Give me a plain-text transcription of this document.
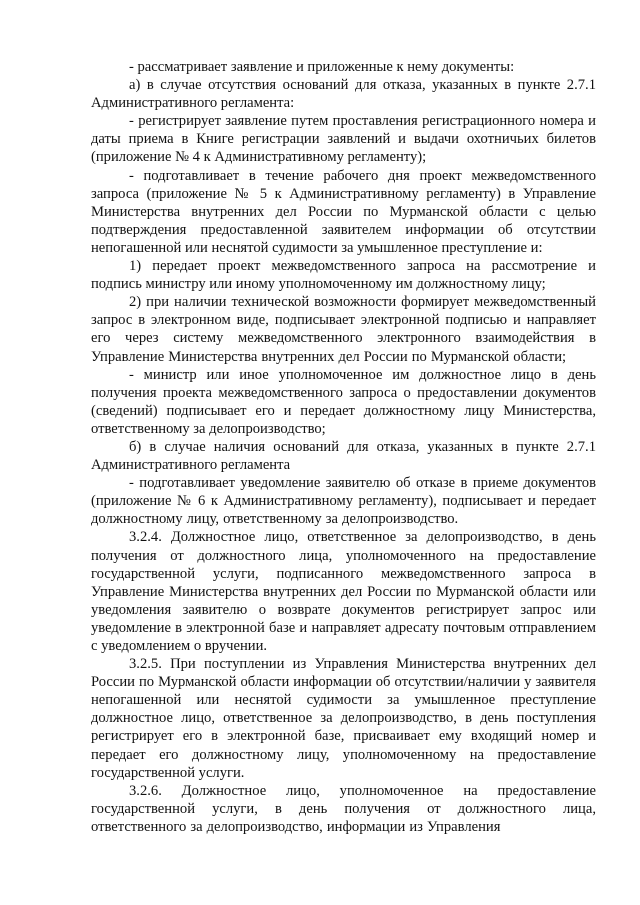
- рассматривает заявление и приложенные к нему документы:

а) в случае отсутствия оснований для отказа, указанных в пункте 2.7.1 Административного регламента:

- регистрирует заявление путем проставления регистрационного номера и даты приема в Книге регистрации заявлений и выдачи охотничьих билетов (приложение № 4 к Административному регламенту);

- подготавливает в течение рабочего дня проект межведомственного запроса (приложение № 5 к Административному регламенту) в Управление Министерства внутренних дел России по Мурманской области с целью подтверждения предоставленной заявителем информации об отсутствии непогашенной или неснятой судимости за умышленное преступление и:

1) передает проект межведомственного запроса на рассмотрение и подпись министру или иному уполномоченному им должностному лицу;

2) при наличии технической возможности формирует межведомственный запрос в электронном виде, подписывает электронной подписью и направляет его через систему межведомственного электронного взаимодействия в Управление Министерства внутренних дел России по Мурманской области;

- министр или иное уполномоченное им должностное лицо в день получения проекта межведомственного запроса о предоставлении документов (сведений) подписывает его и передает должностному лицу Министерства, ответственному за делопроизводство;

б) в случае наличия оснований для отказа, указанных в пункте 2.7.1 Административного регламента

- подготавливает уведомление заявителю об отказе в приеме документов (приложение № 6 к Административному регламенту), подписывает и передает должностному лицу, ответственному за делопроизводство.

3.2.4. Должностное лицо, ответственное за делопроизводство, в день получения от должностного лица, уполномоченного на предоставление государственной услуги, подписанного межведомственного запроса в Управление Министерства внутренних дел России по Мурманской области или уведомления заявителю о возврате документов регистрирует запрос или уведомление в электронной базе и направляет адресату почтовым отправлением с уведомлением о вручении.

3.2.5. При поступлении из Управления Министерства внутренних дел России по Мурманской области информации об отсутствии/наличии у заявителя непогашенной или неснятой судимости за умышленное преступление должностное лицо, ответственное за делопроизводство, в день поступления регистрирует его в электронной базе, присваивает ему входящий номер и передает его должностному лицу, уполномоченному на предоставление государственной услуги.

3.2.6. Должностное лицо, уполномоченное на предоставление государственной услуги, в день получения от должностного лица, ответственного за делопроизводство, информации из Управления
